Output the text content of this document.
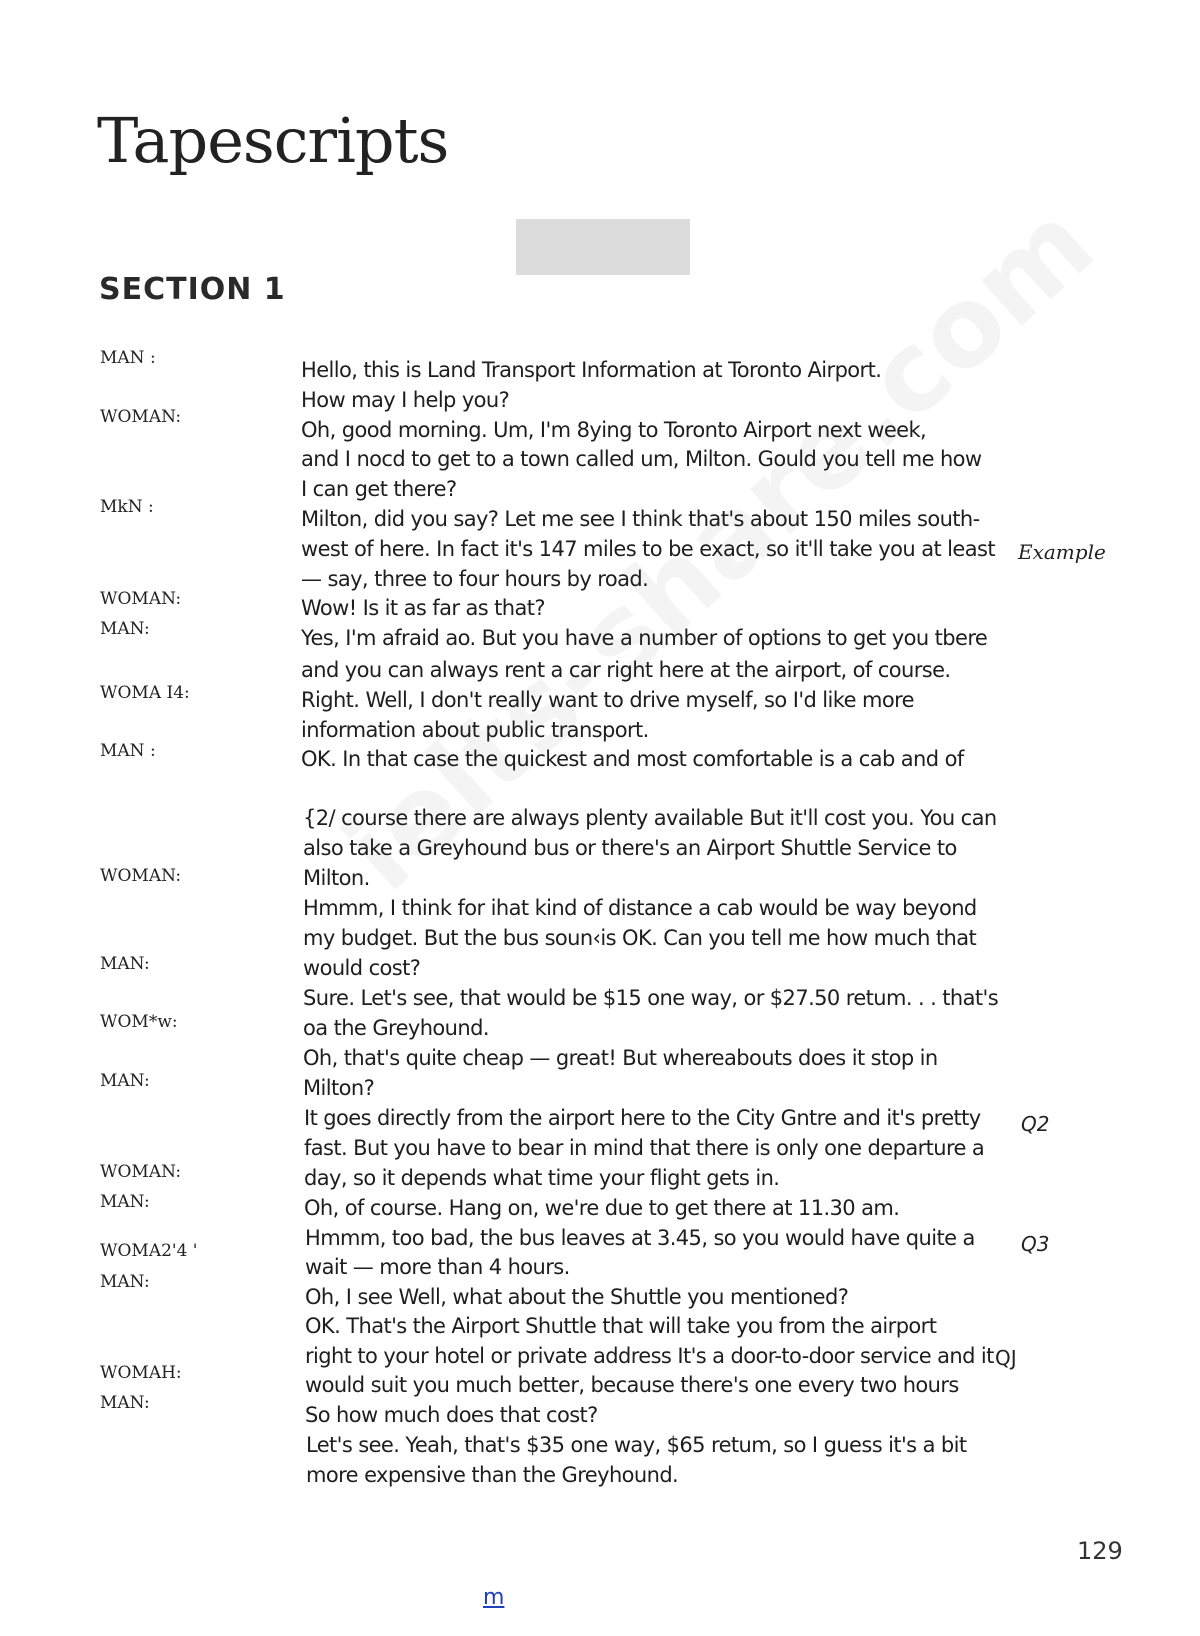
Tapescripts
SECTION 1
MAN :
WOMAN:
MkN :
WOMAN:
MAN:
WOMA I4:
MAN :
WOMAN:
MAN:
WOM*w:
MAN:
WOMAN:
MAN:
WOMA2'4 '
MAN:
WOMAH:
MAN:
Hello, this is Land Transport Information at Toronto Airport.
How may I help you?
Oh, good morning. Um, I'm 8ying to Toronto Airport next week,
and I nocd to get to a town called um, Milton. Gould you tell me how
I can get there?
Milton, did you say? Let me see I think that's about 150 miles south-
west of here. In fact it's 147 miles to be exact, so it'll take you at least
— say, three to four hours by road.
Wow! Is it as far as that?
Yes, I'm afraid ao. But you have a number of options to get you tbere
and you can always rent a car right here at the airport, of course.
Right. Well, I don't really want to drive myself, so I'd like more
information about public transport.
OK. In that case the quickest and most comfortable is a cab and of
{2/ course there are always plenty available But it'll cost you. You can
also take a Greyhound bus or there's an Airport Shuttle Service to
Milton.
Hmmm, I think for ihat kind of distance a cab would be way beyond
my budget. But the bus soun‹is OK. Can you tell me how much that
would cost?
Sure. Let's see, that would be $15 one way, or $27.50 retum. . . that's
oa the Greyhound.
Oh, that's quite cheap — great! But whereabouts does it stop in
Milton?
It goes directly from the airport here to the City Gntre and it's pretty
fast. But you have to bear in mind that there is only one departure a
day, so it depends what time your flight gets in.
Oh, of course. Hang on, we're due to get there at 11.30 am.
Hmmm, too bad, the bus leaves at 3.45, so you would have quite a
wait — more than 4 hours.
Oh, I see Well, what about the Shuttle you mentioned?
OK. That's the Airport Shuttle that will take you from the airport
right to your hotel or private address It's a door-to-door service and it
would suit you much better, because there's one every two hours
So how much does that cost?
Let's see. Yeah, that's $35 one way, $65 retum, so I guess it's a bit
more expensive than the Greyhound.
Example
Q2
Q3
QJ
129
m
